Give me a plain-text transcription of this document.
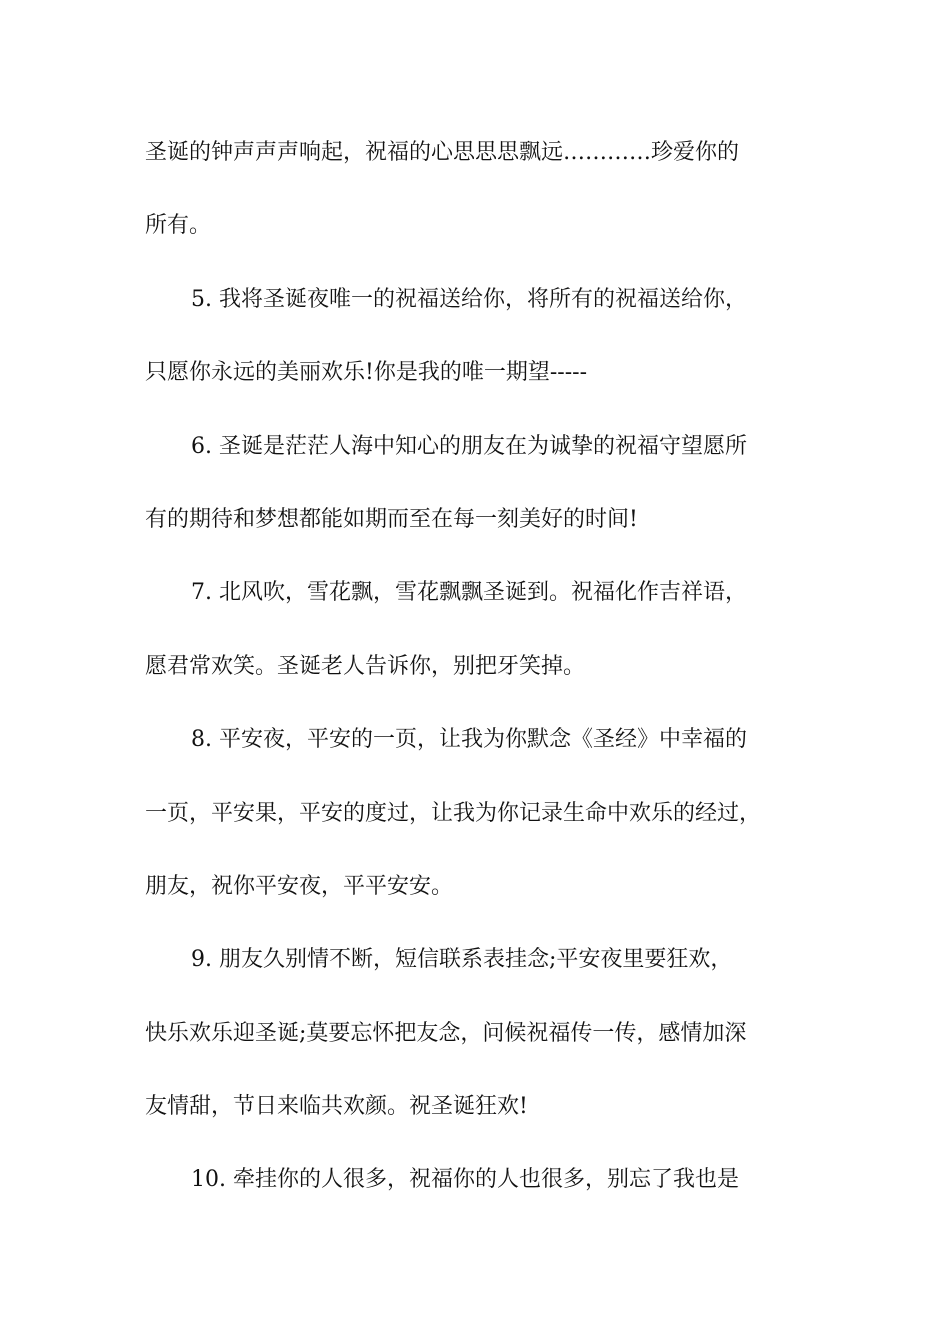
圣诞的钟声声声响起，祝福的心思思思飘远…………珍爱你的
所有。
5. 我将圣诞夜唯一的祝福送给你，将所有的祝福送给你，
只愿你永远的美丽欢乐!你是我的唯一期望-----
6. 圣诞是茫茫人海中知心的朋友在为诚挚的祝福守望愿所
有的期待和梦想都能如期而至在每一刻美好的时间!
7. 北风吹，雪花飘，雪花飘飘圣诞到。祝福化作吉祥语，
愿君常欢笑。圣诞老人告诉你，别把牙笑掉。
8. 平安夜，平安的一页，让我为你默念《圣经》中幸福的
一页，平安果，平安的度过，让我为你记录生命中欢乐的经过，
朋友，祝你平安夜，平平安安。
9. 朋友久别情不断，短信联系表挂念;平安夜里要狂欢，
快乐欢乐迎圣诞;莫要忘怀把友念，问候祝福传一传，感情加深
友情甜，节日来临共欢颜。祝圣诞狂欢!
10. 牵挂你的人很多，祝福你的人也很多，别忘了我也是
